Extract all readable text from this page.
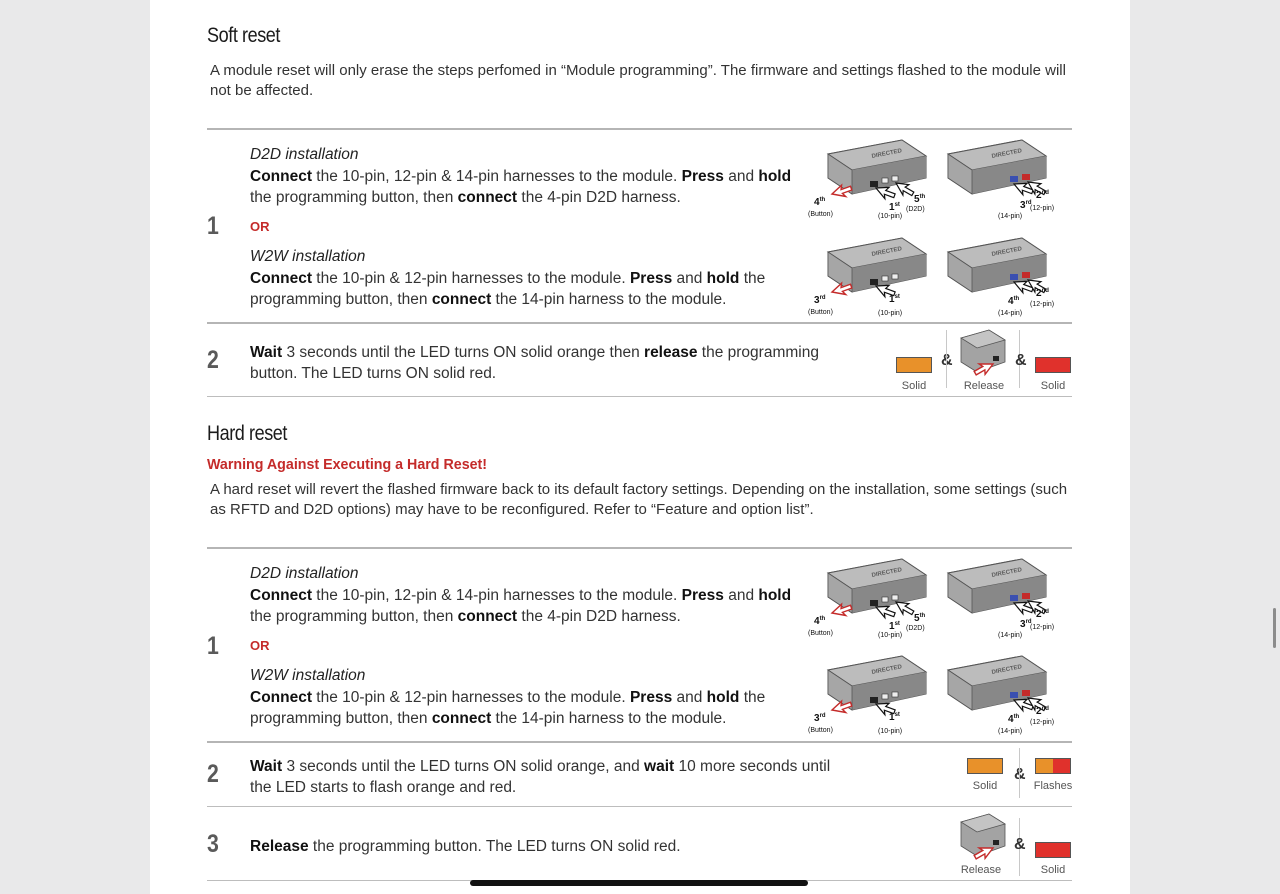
Soft reset
A module reset will only erase the steps perfomed in “Module programming”. The firmware and settings flashed to the module will not be affected.
1
D2D installation
Connect the 10-pin, 12-pin & 14-pin harnesses to the module. Press and hold the programming button, then connect the 4-pin D2D harness.
OR
W2W installation
Connect the 10-pin & 12-pin harnesses to the module. Press and hold the programming button, then connect the 14-pin harness to the module.
4th
(Button)
1st
(10-pin)
5th
(D2D)	3rd
(14-pin)
2nd
(12-pin)
3rd
(Button)
1st
(10-pin)
4th
(14-pin)
2nd
(12-pin)
2 Wait 3 seconds until the LED turns ON solid orange then release the programming button. The LED turns ON solid red.
Solid
&
Release
&
Solid
Hard reset
Warning Against Executing a Hard Reset!
A hard reset will revert the flashed firmware back to its default factory settings. Depending on the installation, some settings (such as RFTD and D2D options) may have to be reconfigured. Refer to “Feature and option list”.
1
D2D installation
Connect the 10-pin, 12-pin & 14-pin harnesses to the module. Press and hold the programming button, then connect the 4-pin D2D harness.
OR
W2W installation
Connect the 10-pin & 12-pin harnesses to the module. Press and hold the programming button, then connect the 14-pin harness to the module.
4th
(Button)
1st
(10-pin)
5th
(D2D)	3rd
(14-pin)
2nd
(12-pin)
3rd
(Button)
1st
(10-pin)
4th
(14-pin)
2nd
(12-pin)
2 Wait 3 seconds until the LED turns ON solid orange, and wait 10 more seconds until the LED starts to flash orange and red.	Solid
&
Flashes
3 Release the programming button. The LED turns ON solid red.
Release
&
Solid
